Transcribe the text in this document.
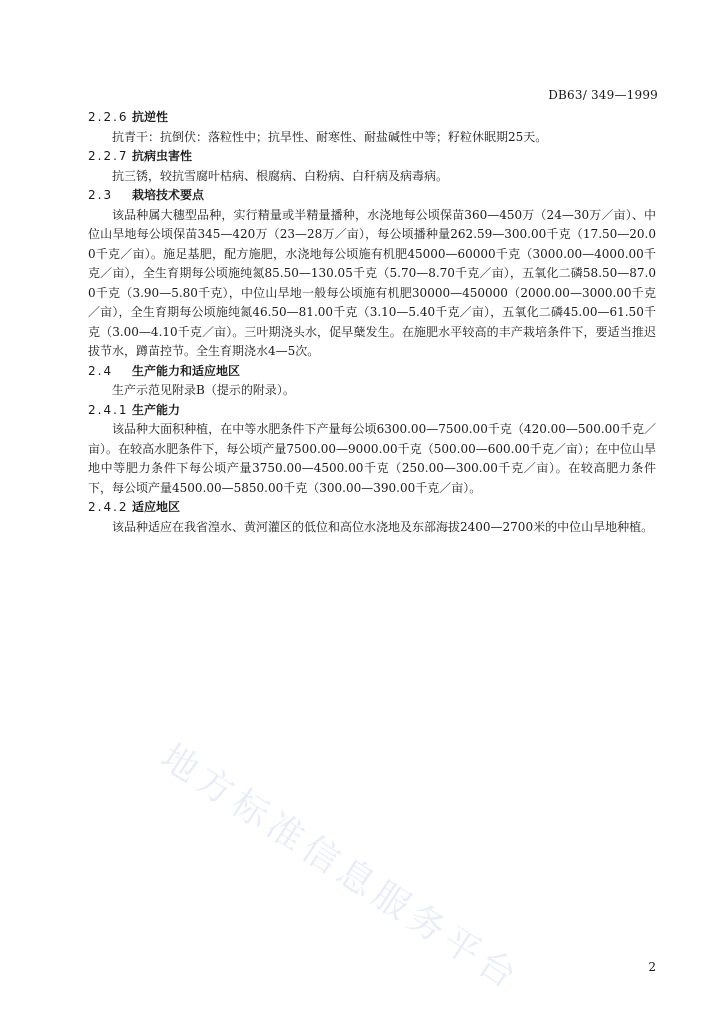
DB63/ 349—1999
2.2.6 抗逆性
抗青干：抗倒伏：落粒性中；抗旱性、耐寒性、耐盐碱性中等；籽粒休眠期25天。
2.2.7 抗病虫害性
抗三锈，较抗雪腐叶枯病、根腐病、白粉病、白秆病及病毒病。
2.3 栽培技术要点
该品种属大穗型品种，实行精量或半精量播种，水浇地每公顷保苗360—450万（24—30万／亩）、中位山旱地每公顷保苗345—420万（23—28万／亩），每公顷播种量262.59—300.00千克（17.50—20.00千克／亩）。施足基肥，配方施肥，水浇地每公顷施有机肥45000—60000千克（3000.00—4000.00千克／亩），全生育期每公顷施纯氮85.50—130.05千克（5.70—8.70千克／亩），五氧化二磷58.50—87.00千克（3.90—5.80千克），中位山旱地一般每公顷施有机肥30000—450000（2000.00—3000.00千克／亩），全生育期每公顷施纯氮46.50—81.00千克（3.10—5.40千克／亩），五氧化二磷45.00—61.50千克（3.00—4.10千克／亩）。三叶期浇头水，促早蘖发生。在施肥水平较高的丰产栽培条件下，要适当推迟拔节水，蹲苗控节。全生育期浇水4—5次。
2.4 生产能力和适应地区
生产示范见附录B（提示的附录）。
2.4.1 生产能力
该品种大面积种植，在中等水肥条件下产量每公顷6300.00—7500.00千克（420.00—500.00千克／亩）。在较高水肥条件下，每公顷产量7500.00—9000.00千克（500.00—600.00千克／亩）；在中位山旱地中等肥力条件下每公顷产量3750.00—4500.00千克（250.00—300.00千克／亩）。在较高肥力条件下，每公顷产量4500.00—5850.00千克（300.00—390.00千克／亩）。
2.4.2 适应地区
该品种适应在我省湟水、黄河灌区的低位和高位水浇地及东部海拔2400—2700米的中位山旱地种植。
地方标准信息服务平台	2
